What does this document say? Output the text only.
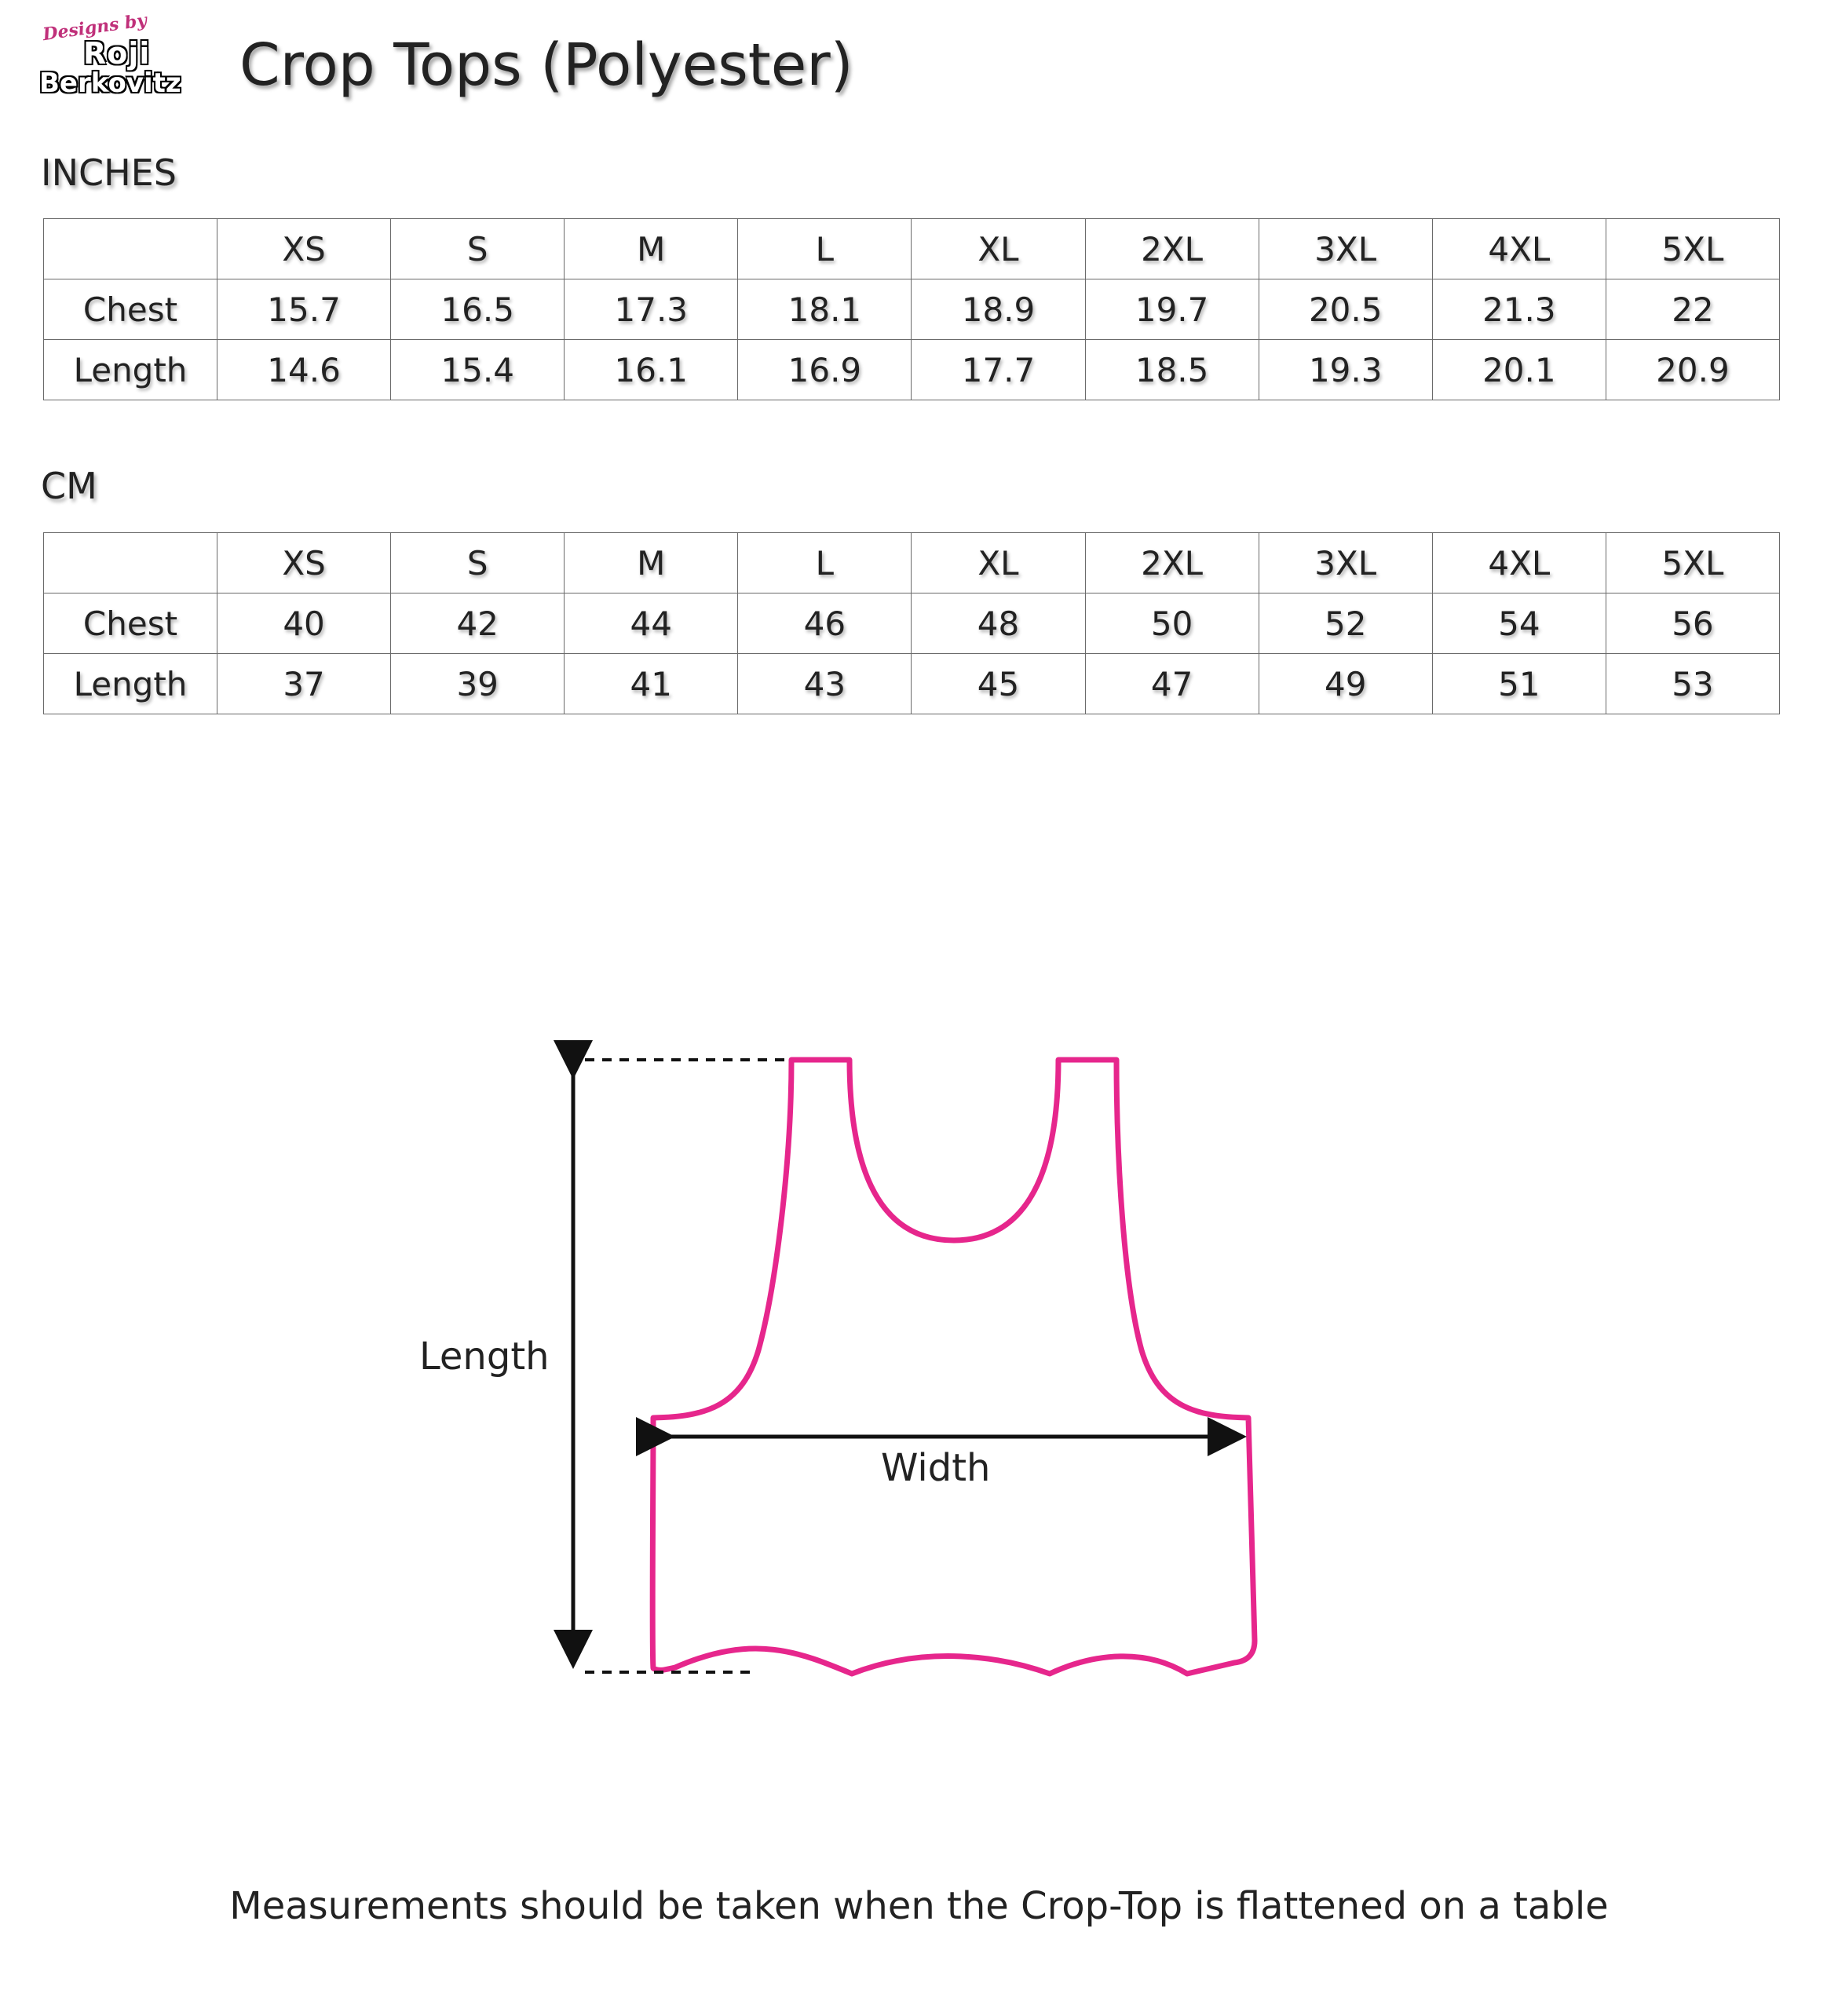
Designs by
Roji
Berkovitz Crop Tops (Polyester)
INCHES
	XS	S	M	L	XL	2XL	3XL	4XL	5XL
Chest	15.7	16.5	17.3	18.1	18.9	19.7	20.5	21.3	22
Length	14.6	15.4	16.1	16.9	17.7	18.5	19.3	20.1	20.9
CM
	XS	S	M	L	XL	2XL	3XL	4XL	5XL
Chest	40	42	44	46	48	50	52	54	56
Length	37	39	41	43	45	47	49	51	53
Length
Width
Measurements should be taken when the Crop-Top is flattened on a table
